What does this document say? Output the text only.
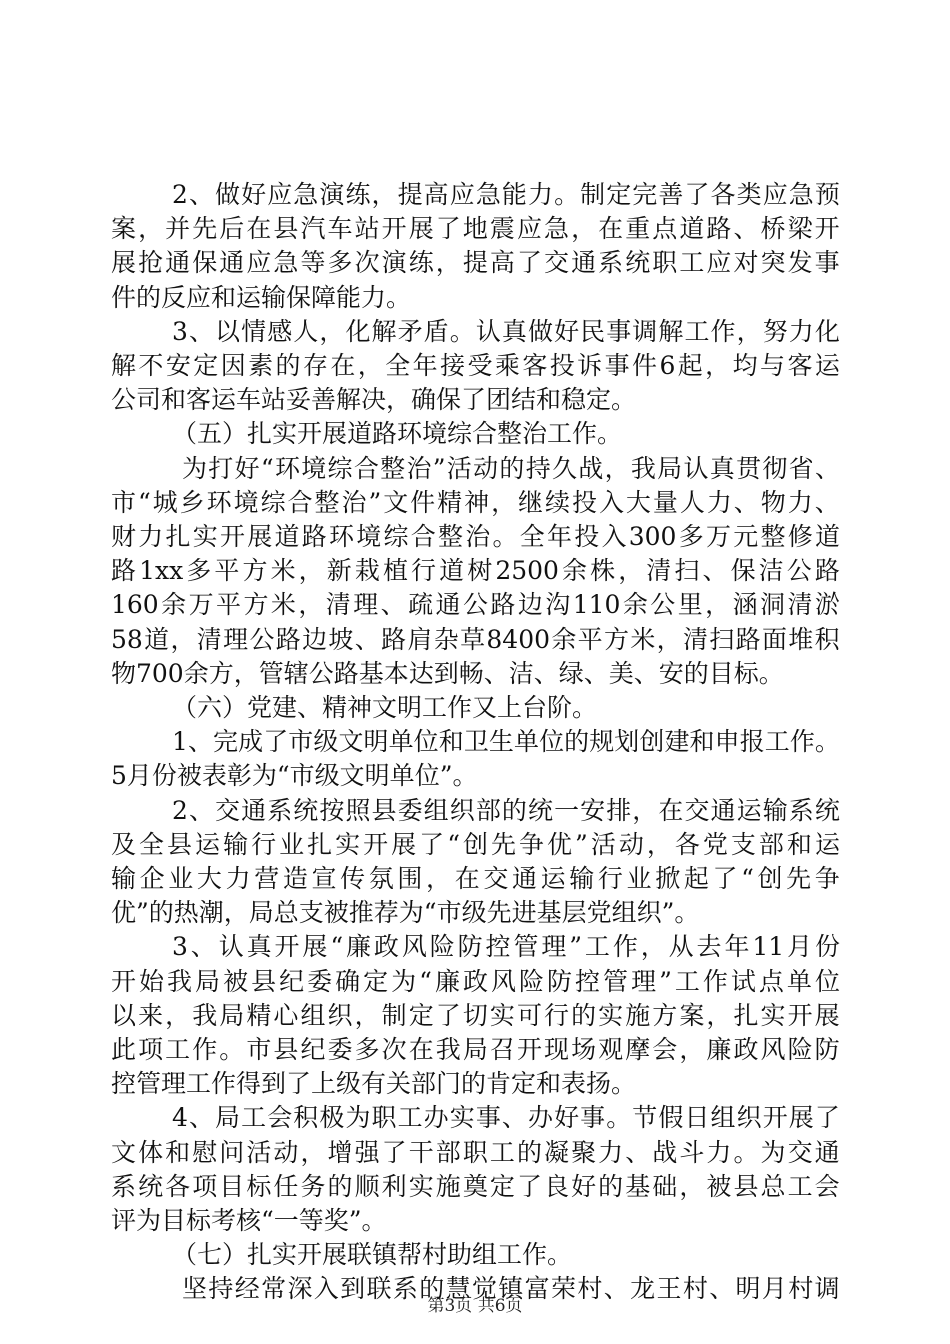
2 、 做 好 应 急 演 练 ， 提 高 应 急 能 力 。 制 定 完 善 了 各 类 应 急 预
案 ， 并 先 后 在 县 汽 车 站 开 展 了 地 震 应 急 ， 在 重 点 道 路 、 桥 梁 开
展 抢 通 保 通 应 急 等 多 次 演 练 ， 提 高 了 交 通 系 统 职 工 应 对 突 发 事
件的反应和运输保障能力。
3 、 以 情 感 人 ， 化 解 矛 盾 。 认 真 做 好 民 事 调 解 工 作 ， 努 力 化
解 不 安 定 因 素 的 存 在 ， 全 年 接 受 乘 客 投 诉 事 件 6 起 ， 均 与 客 运
公司和客运车站妥善解决，确保了团结和稳定。
（五）扎实开展道路环境综合整治工作。
为 打 好 “ 环 境 综 合 整 治 ” 活 动 的 持 久 战 ， 我 局 认 真 贯 彻 省 、
市 “ 城 乡 环 境 综 合 整 治 ” 文 件 精 神 ， 继 续 投 入 大 量 人 力 、 物 力 、
财 力 扎 实 开 展 道 路 环 境 综 合 整 治 。 全 年 投 入 300 多 万 元 整 修 道
路 1xx 多 平 方 米 ， 新 栽 植 行 道 树 2500 余 株 ， 清 扫 、 保 洁 公 路
160 余 万 平 方 米 ， 清 理 、 疏 通 公 路 边 沟 110 余 公 里 ， 涵 洞 清 淤
58 道 ， 清 理 公 路 边 坡 、 路 肩 杂 草 8400 余 平 方 米 ， 清 扫 路 面 堆 积
物700余方，管辖公路基本达到畅、洁、绿、美、安的目标。
（六）党建、精神文明工作又上台阶。
1 、 完 成 了 市 级 文 明 单 位 和 卫 生 单 位 的 规 划 创 建 和 申 报 工 作 。
5月份被表彰为“市级文明单位”。
2 、 交 通 系 统 按 照 县 委 组 织 部 的 统 一 安 排 ， 在 交 通 运 输 系 统
及 全 县 运 输 行 业 扎 实 开 展 了 “ 创 先 争 优 ” 活 动 ， 各 党 支 部 和 运
输 企 业 大 力 营 造 宣 传 氛 围 ， 在 交 通 运 输 行 业 掀 起 了 “ 创 先 争
优”的热潮，局总支被推荐为“市级先进基层党组织”。
3 、 认 真 开 展 “ 廉 政 风 险 防 控 管 理 ” 工 作 ， 从 去 年 11 月 份
开 始 我 局 被 县 纪 委 确 定 为 “ 廉 政 风 险 防 控 管 理 ” 工 作 试 点 单 位
以 来 ， 我 局 精 心 组 织 ， 制 定 了 切 实 可 行 的 实 施 方 案 ， 扎 实 开 展
此 项 工 作 。 市 县 纪 委 多 次 在 我 局 召 开 现 场 观 摩 会 ， 廉 政 风 险 防
控管理工作得到了上级有关部门的肯定和表扬。
4 、 局 工 会 积 极 为 职 工 办 实 事 、 办 好 事 。 节 假 日 组 织 开 展 了
文 体 和 慰 问 活 动 ， 增 强 了 干 部 职 工 的 凝 聚 力 、 战 斗 力 。 为 交 通
系 统 各 项 目 标 任 务 的 顺 利 实 施 奠 定 了 良 好 的 基 础 ， 被 县 总 工 会
评为目标考核“一等奖”。
（七）扎实开展联镇帮村助组工作。
坚 持 经 常 深 入 到 联 系 的 慧 觉 镇 富 荣 村 、 龙 王 村 、 明 月 村 调
第3页 共6页
